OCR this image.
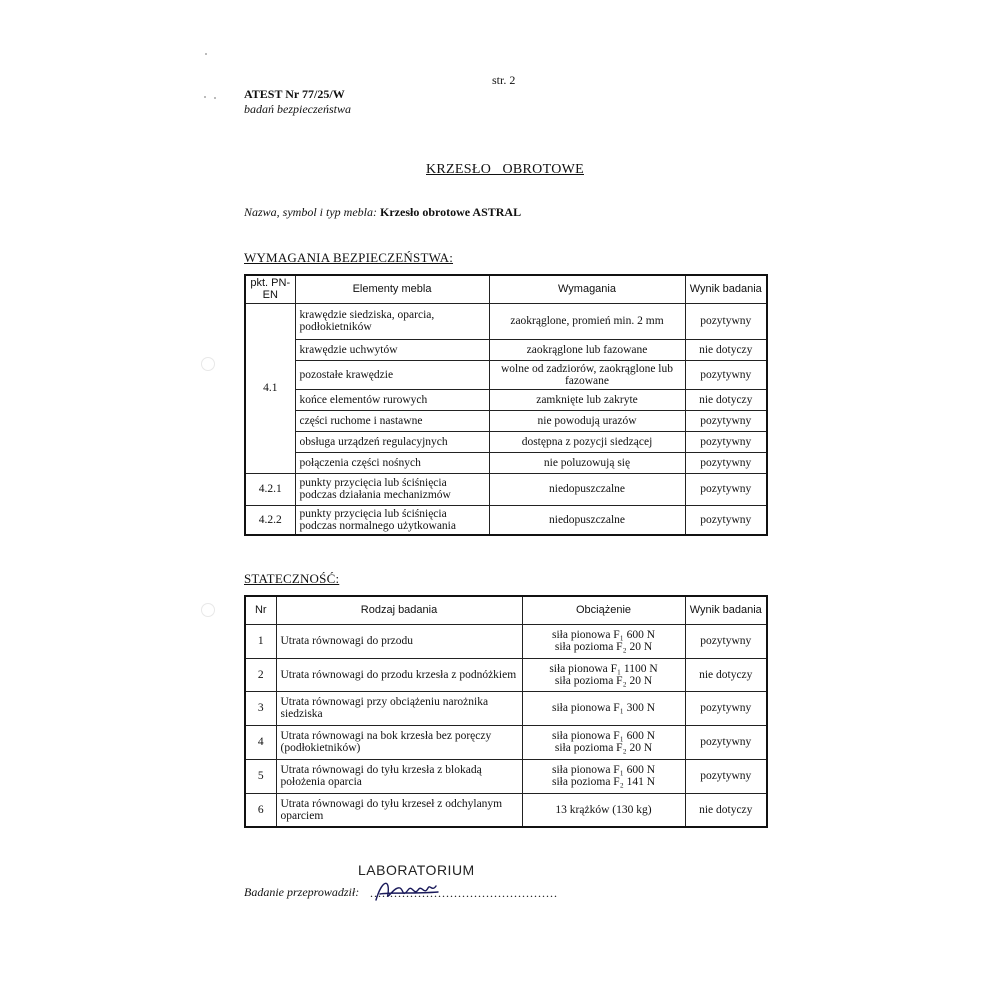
str. 2
ATEST Nr 77/25/W
badań bezpieczeństwa
KRZESŁO   OBROTOWE
Nazwa, symbol i typ mebla: Krzesło obrotowe ASTRAL
WYMAGANIA BEZPIECZEŃSTWA:
pkt. PN-EN	Elementy mebla	Wymagania	Wynik badania
4.1	krawędzie siedziska, oparcia, podłokietników	zaokrąglone, promień min. 2 mm	pozytywny
	krawędzie uchwytów	zaokrąglone lub fazowane	nie dotyczy
	pozostałe krawędzie	wolne od zadziorów, zaokrąglone lub fazowane	pozytywny
	końce elementów rurowych	zamknięte lub zakryte	nie dotyczy
	części ruchome i nastawne	nie powodują urazów	pozytywny
	obsługa urządzeń regulacyjnych	dostępna z pozycji siedzącej	pozytywny
	połączenia części nośnych	nie poluzowują się	pozytywny
4.2.1	punkty przycięcia lub ściśnięcia podczas działania mechanizmów	niedopuszczalne	pozytywny
4.2.2	punkty przycięcia lub ściśnięcia podczas normalnego użytkowania	niedopuszczalne	pozytywny
STATECZNOŚĆ:
Nr	Rodzaj badania	Obciążenie	Wynik badania
1	Utrata równowagi do przodu	siła pionowa F₁ 600 N
siła pozioma F₂ 20 N	pozytywny
2	Utrata równowagi do przodu krzesła z podnóżkiem	siła pionowa F₁ 1100 N
siła pozioma F₂ 20 N	nie dotyczy
3	Utrata równowagi przy obciążeniu narożnika siedziska	siła pionowa F₁ 300 N	pozytywny
4	Utrata równowagi na bok krzesła bez poręczy (podłokietników)	siła pionowa F₁ 600 N
siła pozioma F₂ 20 N	pozytywny
5	Utrata równowagi do tyłu krzesła z blokadą położenia oparcia	siła pionowa F₁ 600 N
siła pozioma F₂ 141 N	pozytywny
6	Utrata równowagi do tyłu krzeseł z odchylanym oparciem	13 krążków (130 kg)	nie dotyczy
LABORATORIUM
Badanie przeprowadził: ...............................................
